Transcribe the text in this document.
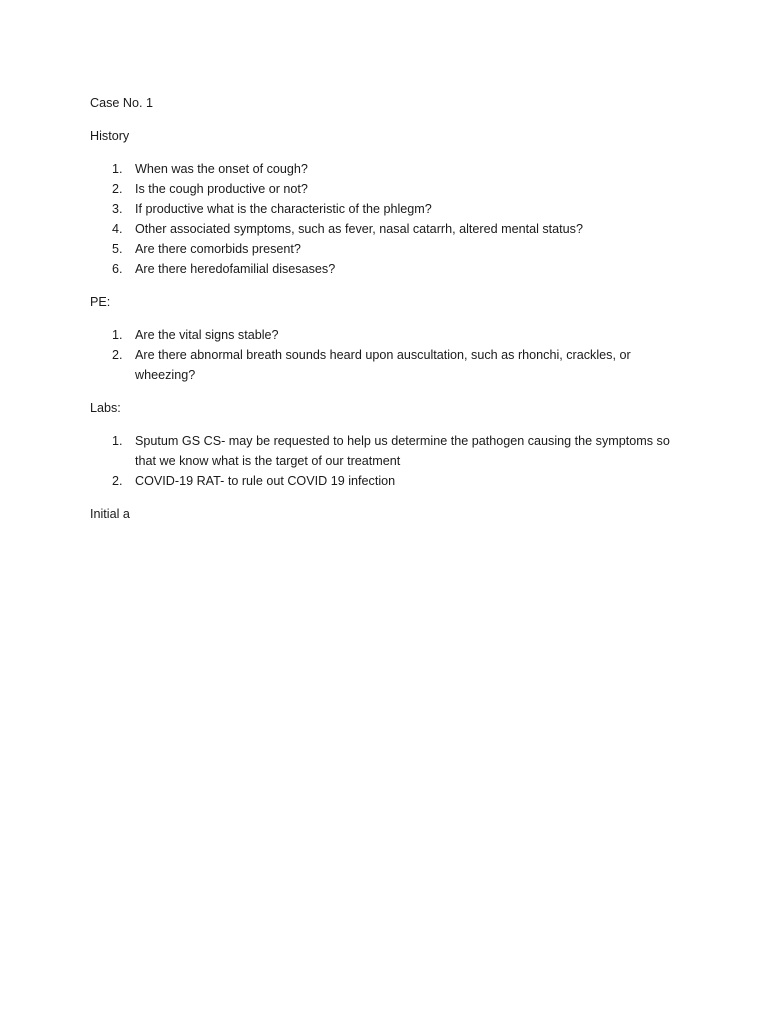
Case No. 1

History

1. When was the onset of cough?
2. Is the cough productive or not?
3. If productive what is the characteristic of the phlegm?
4. Other associated symptoms, such as fever, nasal catarrh, altered mental status?
5. Are there comorbids present?
6. Are there heredofamilial disesases?

PE:

1. Are the vital signs stable?
2. Are there abnormal breath sounds heard upon auscultation, such as rhonchi, crackles, or wheezing?

Labs:

1. Sputum GS CS- may be requested to help us determine the pathogen causing the symptoms so that we know what is the target of our treatment
2. COVID-19 RAT- to rule out COVID 19 infection

Initial a
